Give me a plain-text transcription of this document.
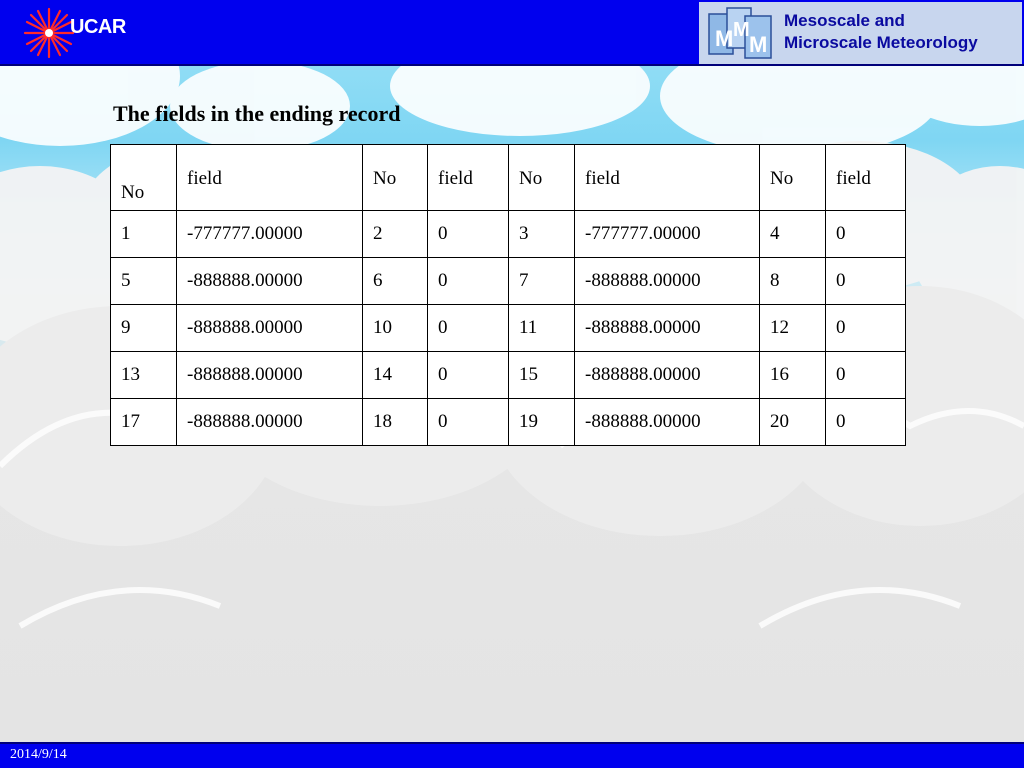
UCAR	M M
M
Mesoscale and
Microscale Meteorology
The fields in the ending record
No	field	No	field	No	field	No	field
1	-777777.00000	2	0	3	-777777.00000	4	0
5	-888888.00000	6	0	7	-888888.00000	8	0
9	-888888.00000	10	0	11	-888888.00000	12	0
13	-888888.00000	14	0	15	-888888.00000	16	0
17	-888888.00000	18	0	19	-888888.00000	20	0
2014/9/14
